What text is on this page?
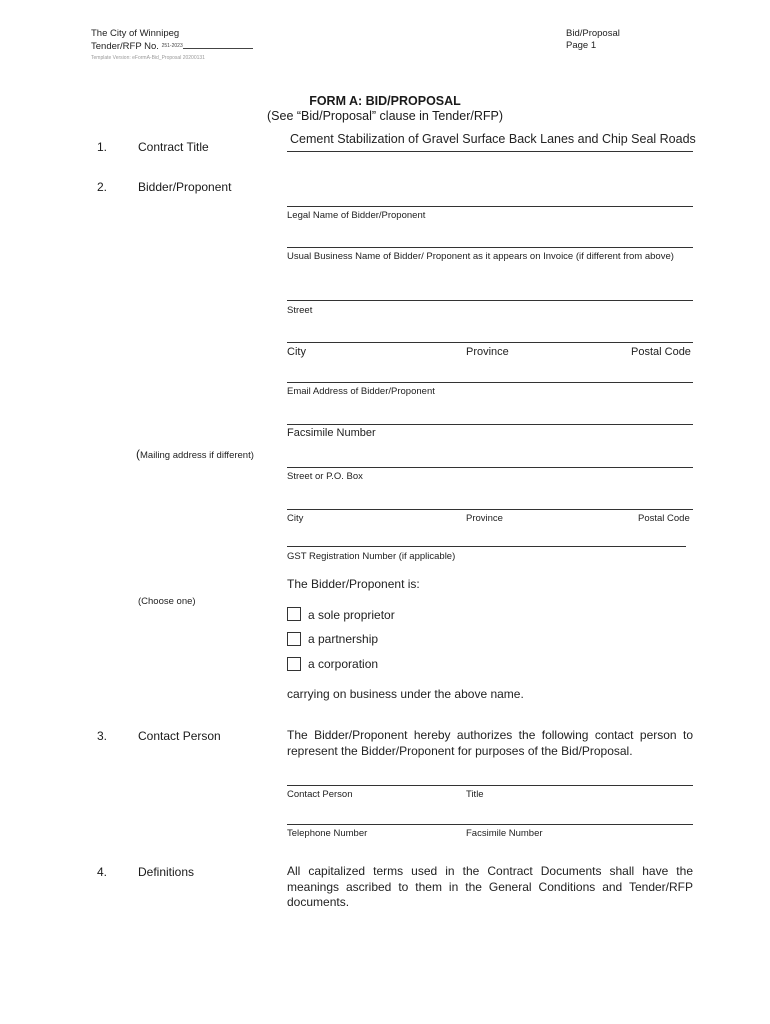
The City of Winnipeg
Tender/RFP No. $^{251-2023}$
Template Version: eFormA-Bid_Proposal 20200131
Bid/Proposal
Page 1
FORM A: BID/PROPOSAL
(See “Bid/Proposal” clause in Tender/RFP)
1.	Contract Title
Cement Stabilization of Gravel Surface Back Lanes and Chip Seal Roads
2.	Bidder/Proponent
Legal Name of Bidder/Proponent
Usual Business Name of Bidder/ Proponent as it appears on Invoice (if different from above)
Street
City	Province	Postal Code
Email Address of Bidder/Proponent
Facsimile Number
(Mailing address if different)
Street or P.O. Box
City	Province	Postal Code
GST Registration Number (if applicable)
The Bidder/Proponent is:
(Choose one)
a sole proprietor
a partnership
a corporation
carrying on business under the above name.
3.	Contact Person	The Bidder/Proponent hereby authorizes the following contact person to represent the Bidder/Proponent for purposes of the Bid/Proposal.
Contact Person	Title
Telephone Number	Facsimile Number
4.	Definitions	All capitalized terms used in the Contract Documents shall have the meanings ascribed to them in the General Conditions and Tender/RFP documents.
